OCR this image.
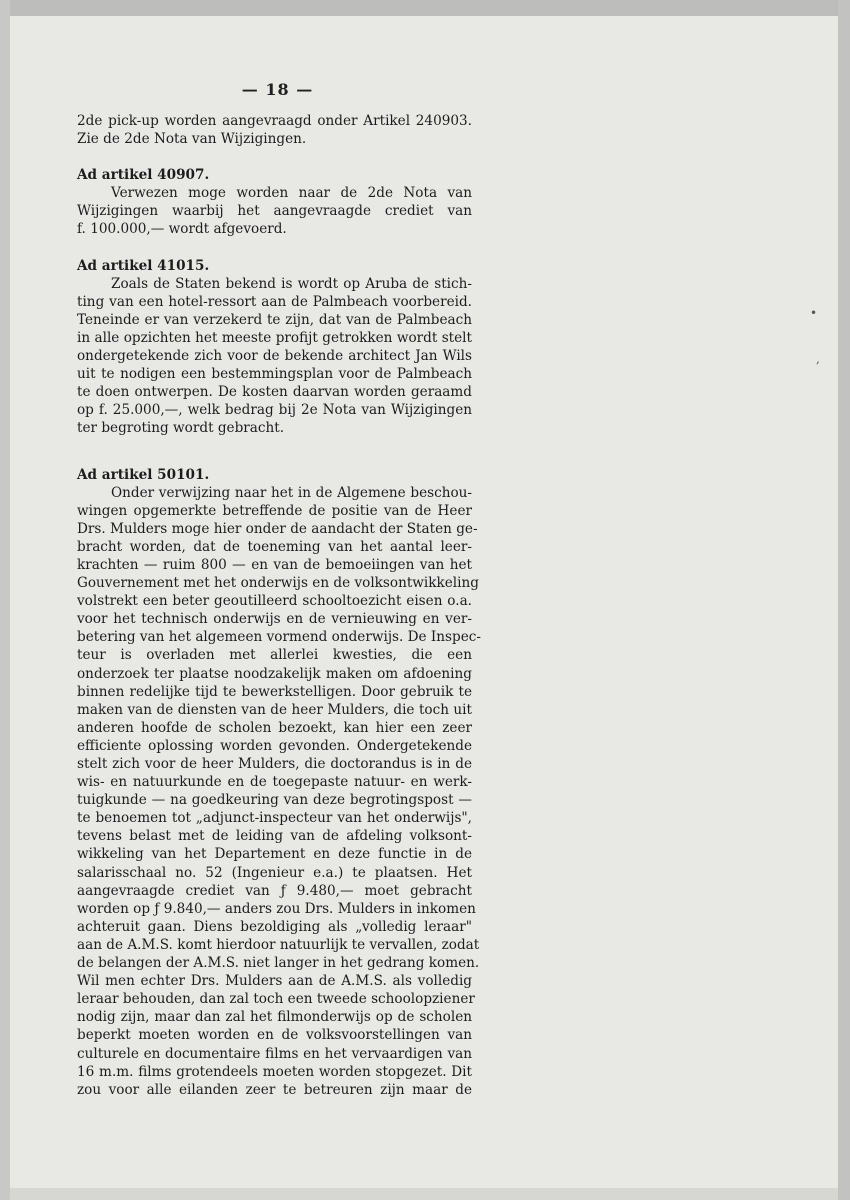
— 18 —
•
,
2de pick-up worden aangevraagd onder Artikel 240903.
Zie de 2de Nota van Wijzigingen.
Ad artikel 40907.
Verwezen moge worden naar de 2de Nota van
Wijzigingen waarbij het aangevraagde crediet van
f. 100.000,— wordt afgevoerd.
Ad artikel 41015.
Zoals de Staten bekend is wordt op Aruba de stich-
ting van een hotel-ressort aan de Palmbeach voorbereid.
Teneinde er van verzekerd te zijn, dat van de Palmbeach
in alle opzichten het meeste profijt getrokken wordt stelt
ondergetekende zich voor de bekende architect Jan Wils
uit te nodigen een bestemmingsplan voor de Palmbeach
te doen ontwerpen. De kosten daarvan worden geraamd
op f. 25.000,—, welk bedrag bij 2e Nota van Wijzigingen
ter begroting wordt gebracht.
Ad artikel 50101.
Onder verwijzing naar het in de Algemene beschou-
wingen opgemerkte betreffende de positie van de Heer
Drs. Mulders moge hier onder de aandacht der Staten ge-
bracht worden, dat de toeneming van het aantal leer-
krachten — ruim 800 — en van de bemoeiingen van het
Gouvernement met het onderwijs en de volksontwikkeling
volstrekt een beter geoutilleerd schooltoezicht eisen o.a.
voor het technisch onderwijs en de vernieuwing en ver-
betering van het algemeen vormend onderwijs. De Inspec-
teur is overladen met allerlei kwesties, die een
onderzoek ter plaatse noodzakelijk maken om afdoening
binnen redelijke tijd te bewerkstelligen. Door gebruik te
maken van de diensten van de heer Mulders, die toch uit
anderen hoofde de scholen bezoekt, kan hier een zeer
efficiente oplossing worden gevonden. Ondergetekende
stelt zich voor de heer Mulders, die doctorandus is in de
wis- en natuurkunde en de toegepaste natuur- en werk-
tuigkunde — na goedkeuring van deze begrotingspost —
te benoemen tot „adjunct-inspecteur van het onderwijs",
tevens belast met de leiding van de afdeling volksont-
wikkeling van het Departement en deze functie in de
salarisschaal no. 52 (Ingenieur e.a.) te plaatsen. Het
aangevraagde crediet van ƒ 9.480,— moet gebracht
worden op ƒ 9.840,— anders zou Drs. Mulders in inkomen
achteruit gaan. Diens bezoldiging als „volledig leraar"
aan de A.M.S. komt hierdoor natuurlijk te vervallen, zodat
de belangen der A.M.S. niet langer in het gedrang komen.
Wil men echter Drs. Mulders aan de A.M.S. als volledig
leraar behouden, dan zal toch een tweede schoolopziener
nodig zijn, maar dan zal het filmonderwijs op de scholen
beperkt moeten worden en de volksvoorstellingen van
culturele en documentaire films en het vervaardigen van
16 m.m. films grotendeels moeten worden stopgezet. Dit
zou voor alle eilanden zeer te betreuren zijn maar de
